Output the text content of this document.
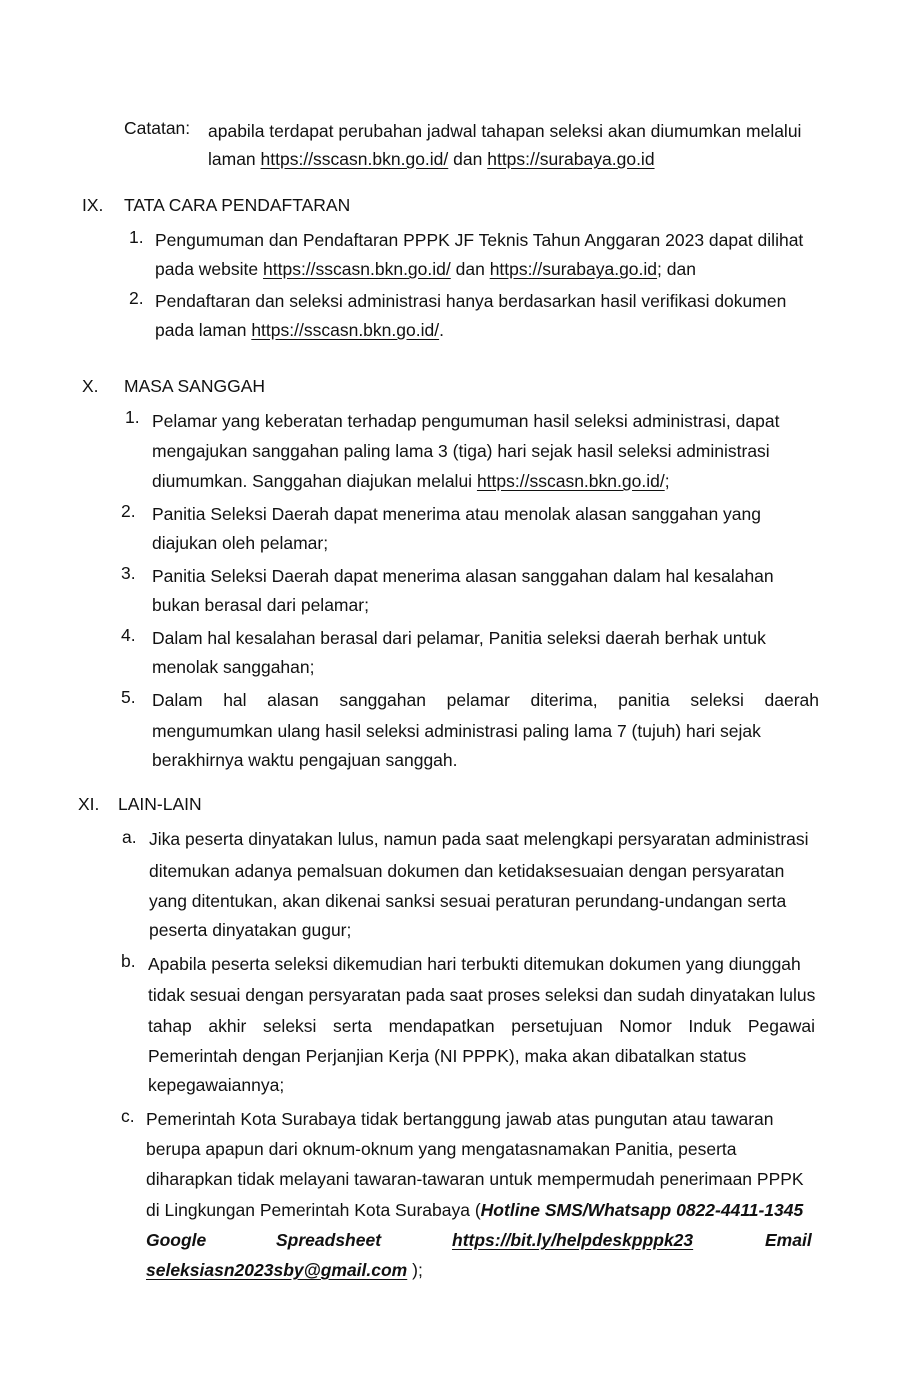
Catatan: apabila terdapat perubahan jadwal tahapan seleksi akan diumumkan melalui
laman https://sscasn.bkn.go.id/ dan https://surabaya.go.id
IX. TATA CARA PENDAFTARAN
1. Pengumuman dan Pendaftaran PPPK JF Teknis Tahun Anggaran 2023 dapat dilihat
pada website https://sscasn.bkn.go.id/ dan https://surabaya.go.id; dan
2. Pendaftaran dan seleksi administrasi hanya berdasarkan hasil verifikasi dokumen
pada laman https://sscasn.bkn.go.id/.
X. MASA SANGGAH
1. Pelamar yang keberatan terhadap pengumuman hasil seleksi administrasi, dapat
mengajukan sanggahan paling lama 3 (tiga) hari sejak hasil seleksi administrasi
diumumkan. Sanggahan diajukan melalui https://sscasn.bkn.go.id/;
2. Panitia Seleksi Daerah dapat menerima atau menolak alasan sanggahan yang
diajukan oleh pelamar;
3. Panitia Seleksi Daerah dapat menerima alasan sanggahan dalam hal kesalahan
bukan berasal dari pelamar;
4. Dalam hal kesalahan berasal dari pelamar, Panitia seleksi daerah berhak untuk
menolak sanggahan;
5. Dalam hal alasan sanggahan pelamar diterima, panitia seleksi daerah
mengumumkan ulang hasil seleksi administrasi paling lama 7 (tujuh) hari sejak
berakhirnya waktu pengajuan sanggah.
XI. LAIN-LAIN
a. Jika peserta dinyatakan lulus, namun pada saat melengkapi persyaratan administrasi
ditemukan adanya pemalsuan dokumen dan ketidaksesuaian dengan persyaratan
yang ditentukan, akan dikenai sanksi sesuai peraturan perundang-undangan serta
peserta dinyatakan gugur;
b. Apabila peserta seleksi dikemudian hari terbukti ditemukan dokumen yang diunggah
tidak sesuai dengan persyaratan pada saat proses seleksi dan sudah dinyatakan lulus
tahap akhir seleksi serta mendapatkan persetujuan Nomor Induk Pegawai
Pemerintah dengan Perjanjian Kerja (NI PPPK), maka akan dibatalkan status
kepegawaiannya;
c. Pemerintah Kota Surabaya tidak bertanggung jawab atas pungutan atau tawaran
berupa apapun dari oknum-oknum yang mengatasnamakan Panitia, peserta
diharapkan tidak melayani tawaran-tawaran untuk mempermudah penerimaan PPPK
di Lingkungan Pemerintah Kota Surabaya (Hotline SMS/Whatsapp 0822-4411-1345
Google	Spreadsheet	https://bit.ly/helpdeskpppk23	Email
seleksiasn2023sby@gmail.com );
